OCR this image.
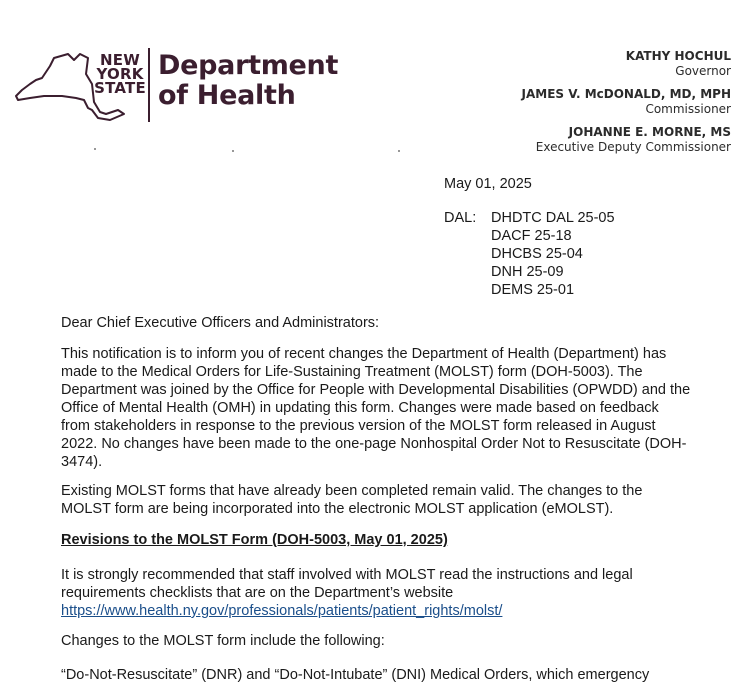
NEW
YORK
STATE
Department
of Health
KATHY HOCHUL
Governor
JAMES V. McDONALD, MD, MPH
Commissioner
JOHANNE E. MORNE, MS
Executive Deputy Commissioner
May 01, 2025
DAL: DHDTC DAL 25-05
DACF 25-18
DHCBS 25-04
DNH 25-09
DEMS 25-01
Dear Chief Executive Officers and Administrators:
This notification is to inform you of recent changes the Department of Health (Department) has made to the Medical Orders for Life-Sustaining Treatment (MOLST) form (DOH-5003). The Department was joined by the Office for People with Developmental Disabilities (OPWDD) and the Office of Mental Health (OMH) in updating this form. Changes were made based on feedback from stakeholders in response to the previous version of the MOLST form released in August 2022. No changes have been made to the one-page Nonhospital Order Not to Resuscitate (DOH-3474).
Existing MOLST forms that have already been completed remain valid. The changes to the MOLST form are being incorporated into the electronic MOLST application (eMOLST).
Revisions to the MOLST Form (DOH-5003, May 01, 2025)
It is strongly recommended that staff involved with MOLST read the instructions and legal requirements checklists that are on the Department’s website
https://www.health.ny.gov/professionals/patients/patient_rights/molst/
Changes to the MOLST form include the following:
“Do-Not-Resuscitate” (DNR) and “Do-Not-Intubate” (DNI) Medical Orders, which emergency
